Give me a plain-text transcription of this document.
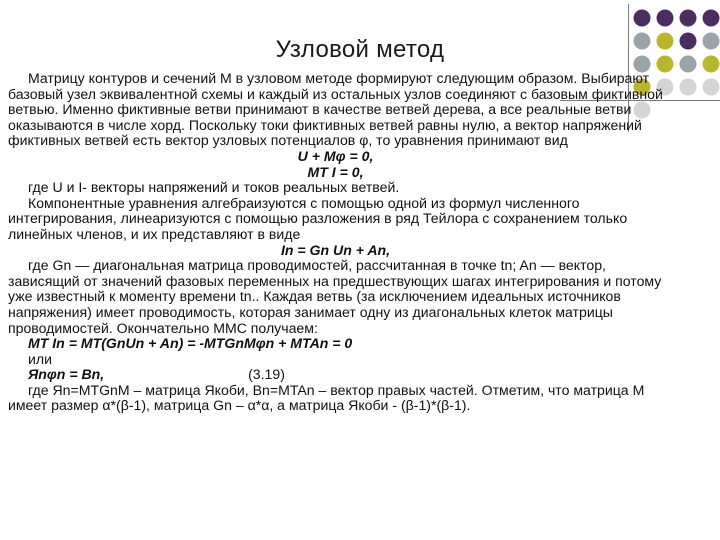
Узловой метод

Матрицу контуров и сечений M в узловом методе формируют следующим образом. Выбирают базовый узел эквивалентной схемы и каждый из остальных узлов соединяют с базовым фиктивной ветвью. Именно фиктивные ветви принимают в качестве ветвей дерева, а все реальные ветви оказываются в числе хорд. Поскольку токи фиктивных ветвей равны нулю, а вектор напряжений фиктивных ветвей есть вектор узловых потенциалов φ, то уравнения принимают вид

U + Mφ = 0,

MT I = 0,

где U и I- векторы напряжений и токов реальных ветвей.

Компонентные уравнения алгебраизуются с помощью одной из формул численного интегрирования, линеаризуются с помощью разложения в ряд Тейлора с сохранением только линейных членов, и их представляют в виде

In = Gn Un + An,

где Gn — диагональная матрица проводимостей, рассчитанная в точке tn; An — вектор, зависящий от значений фазовых переменных на предшествующих шагах интегрирования и потому уже известный к моменту времени tn.. Каждая ветвь (за исключением идеальных источников напряжения) имеет проводимость, которая занимает одну из диагональных клеток матрицы проводимостей. Окончательно ММС получаем:

MT In = MT(GnUn + An) = -MTGnMφn + MTAn = 0

или

Яnφn = Bn,	(3.19)

где Яn=MTGnM – матрица Якоби, Bn=MTAn – вектор правых частей. Отметим, что матрица M имеет размер α*(β-1), матрица Gn – α*α, а матрица Якоби - (β-1)*(β-1).
